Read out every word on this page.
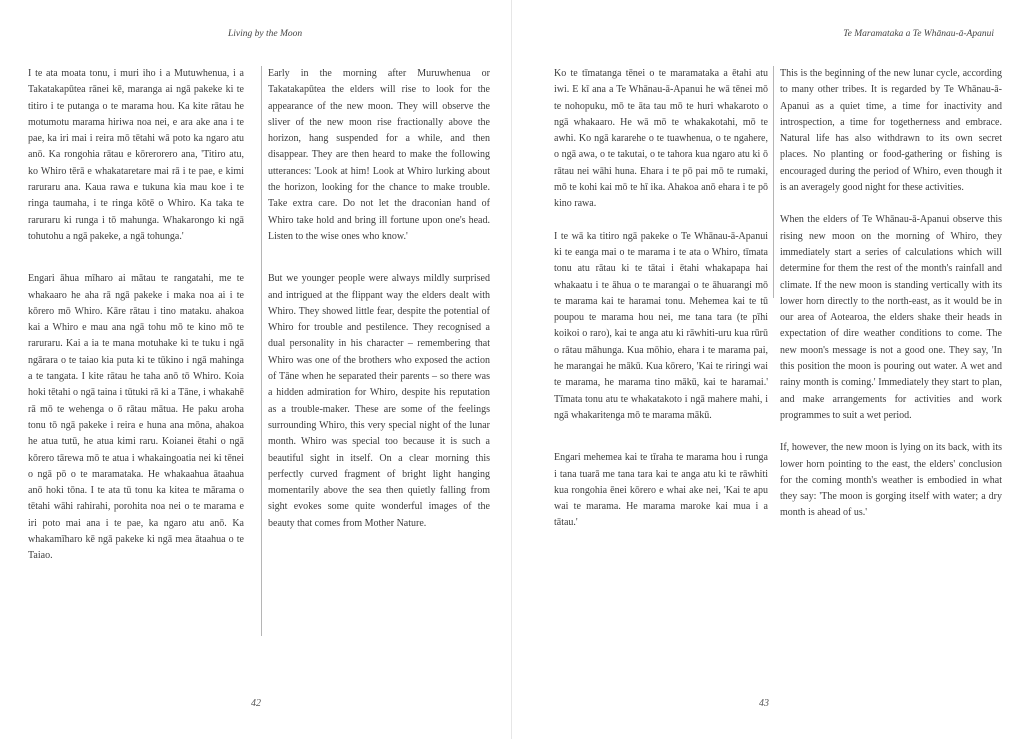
Living by the Moon

I te ata moata tonu, i muri iho i a Mutuwhenua, i a Takatakapūtea rānei kē, maranga ai ngā pakeke ki te titiro i te putanga o te marama hou. Ka kite rātau he motumotu marama hiriwa noa nei, e ara ake ana i te pae, ka iri mai i reira mō tētahi wā poto ka ngaro atu anō. Ka rongohia rātau e kōrerorero ana, 'Titiro atu, ko Whiro tērā e whakataretare mai rā i te pae, e kimi raruraru ana. Kaua rawa e tukuna kia mau koe i te ringa taumaha, i te ringa kōtē o Whiro. Ka taka te raruraru ki runga i tō mahunga. Whakarongo ki ngā tohutohu a ngā pakeke, a ngā tohunga.'

Engari āhua mīharo ai mātau te rangatahi, me te whakaaro he aha rā ngā pakeke i maka noa ai i te kōrero mō Whiro. Kāre rātau i tino mataku. ahakoa kai a Whiro e mau ana ngā tohu mō te kino mō te raruraru. Kai a ia te mana motuhake ki te tuku i ngā ngārara o te taiao kia puta ki te tūkino i ngā mahinga a te tangata. I kite rātau he taha anō tō Whiro. Koia hoki tētahi o ngā taina i tūtuki rā ki a Tāne, i whakahē rā mō te wehenga o ō rātau mātua. He paku aroha tonu tō ngā pakeke i reira e huna ana mōna, ahakoa he atua tutū, he atua kimi raru. Koianei ētahi o ngā kōrero tārewa mō te atua i whakaingoatia nei ki tēnei o ngā pō o te maramataka. He whakaahua ātaahua anō hoki tōna. I te ata tū tonu ka kitea te mārama o tētahi wāhi rahirahi, porohita noa nei o te marama e iri poto mai ana i te pae, ka ngaro atu anō. Ka whakamīharo kē ngā pakeke ki ngā mea ātaahua o te Taiao.

Early in the morning after Muruwhenua or Takatakapūtea the elders will rise to look for the appearance of the new moon. They will observe the sliver of the new moon rise fractionally above the horizon, hang suspended for a while, and then disappear. They are then heard to make the following utterances: 'Look at him! Look at Whiro lurking about the horizon, looking for the chance to make trouble. Take extra care. Do not let the draconian hand of Whiro take hold and bring ill fortune upon one's head. Listen to the wise ones who know.'

But we younger people were always mildly surprised and intrigued at the flippant way the elders dealt with Whiro. They showed little fear, despite the potential of Whiro for trouble and pestilence. They recognised a dual personality in his character – remembering that Whiro was one of the brothers who exposed the action of Tāne when he separated their parents – so there was a hidden admiration for Whiro, despite his reputation as a trouble-maker. These are some of the feelings surrounding Whiro, this very special night of the lunar month. Whiro was special too because it is such a beautiful sight in itself. On a clear morning this perfectly curved fragment of bright light hanging momentarily above the sea then quietly falling from sight evokes some quite wonderful images of the beauty that comes from Mother Nature.

42
Te Maramataka a Te Whānau-ā-Apanui

Ko te tīmatanga tēnei o te maramataka a ētahi atu iwi. E kī ana a Te Whānau-ā-Apanui he wā tēnei mō te nohopuku, mō te āta tau mō te huri whakaroto o ngā whakaaro. He wā mō te whakakotahi, mō te awhi. Ko ngā kararehe o te tuawhenua, o te ngahere, o ngā awa, o te takutai, o te tahora kua ngaro atu ki ō rātau nei wāhi huna. Ehara i te pō pai mō te rumaki, mō te kohi kai mō te hī ika. Ahakoa anō ehara i te pō kino rawa.

I te wā ka titiro ngā pakeke o Te Whānau-ā-Apanui ki te eanga mai o te marama i te ata o Whiro, tīmata tonu atu rātau ki te tātai i ētahi whakapapa hai whakaatu i te āhua o te marangai o te āhuarangi mō te marama kai te haramai tonu. Mehemea kai te tū poupou te marama hou nei, me tana tara (te pīhi koikoi o raro), kai te anga atu ki rāwhiti-uru kua rūrū o rātau māhunga. Kua mōhio, ehara i te marama pai, he marangai he mākū. Kua kōrero, 'Kai te riringi wai te marama, he marama tino mākū, kai te haramai.' Tīmata tonu atu te whakatakoto i ngā mahere mahi, i ngā whakaritenga mō te marama mākū.

Engari mehemea kai te tīraha te marama hou i runga i tana tuarā me tana tara kai te anga atu ki te rāwhiti kua rongohia ēnei kōrero e whai ake nei, 'Kai te apu wai te marama. He marama maroke kai mua i a tātau.'

This is the beginning of the new lunar cycle, according to many other tribes. It is regarded by Te Whānau-ā-Apanui as a quiet time, a time for inactivity and introspection, a time for togetherness and embrace. Natural life has also withdrawn to its own secret places. No planting or food-gathering or fishing is encouraged during the period of Whiro, even though it is an averagely good night for these activities.

When the elders of Te Whānau-ā-Apanui observe this rising new moon on the morning of Whiro, they immediately start a series of calculations which will determine for them the rest of the month's rainfall and climate. If the new moon is standing vertically with its lower horn directly to the north-east, as it would be in our area of Aotearoa, the elders shake their heads in expectation of dire weather conditions to come. The new moon's message is not a good one. They say, 'In this position the moon is pouring out water. A wet and rainy month is coming.' Immediately they start to plan, and make arrangements for activities and work programmes to suit a wet period.

If, however, the new moon is lying on its back, with its lower horn pointing to the east, the elders' conclusion for the coming month's weather is embodied in what they say: 'The moon is gorging itself with water; a dry month is ahead of us.'

43
